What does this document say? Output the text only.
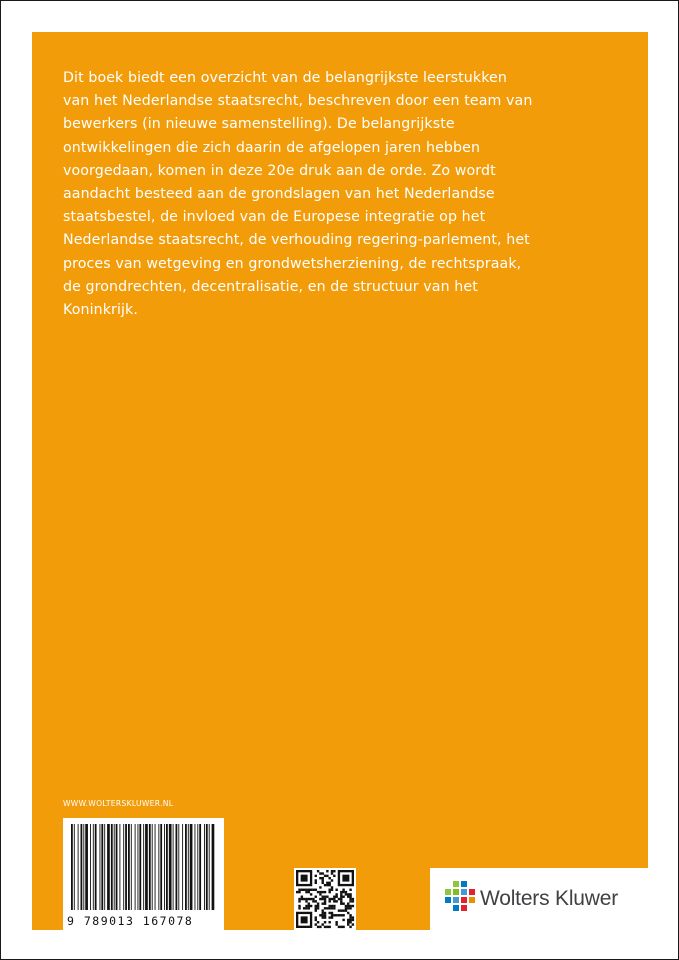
Dit boek biedt een overzicht van de belangrijkste leerstukken van het Nederlandse staatsrecht, beschreven door een team van bewerkers (in nieuwe samenstelling). De belangrijkste ontwikkelingen die zich daarin de afgelopen jaren hebben voorgedaan, komen in deze 20e druk aan de orde. Zo wordt aandacht besteed aan de grondslagen van het Nederlandse staatsbestel, de invloed van de Europese integratie op het Nederlandse staatsrecht, de verhouding regering-parlement, het proces van wetgeving en grondwetsherziening, de rechtspraak, de grondrechten, decentralisatie, en de structuur van het Koninkrijk.

WWW.WOLTERSKLUWER.NL
9 789013 167078
Wolters Kluwer
